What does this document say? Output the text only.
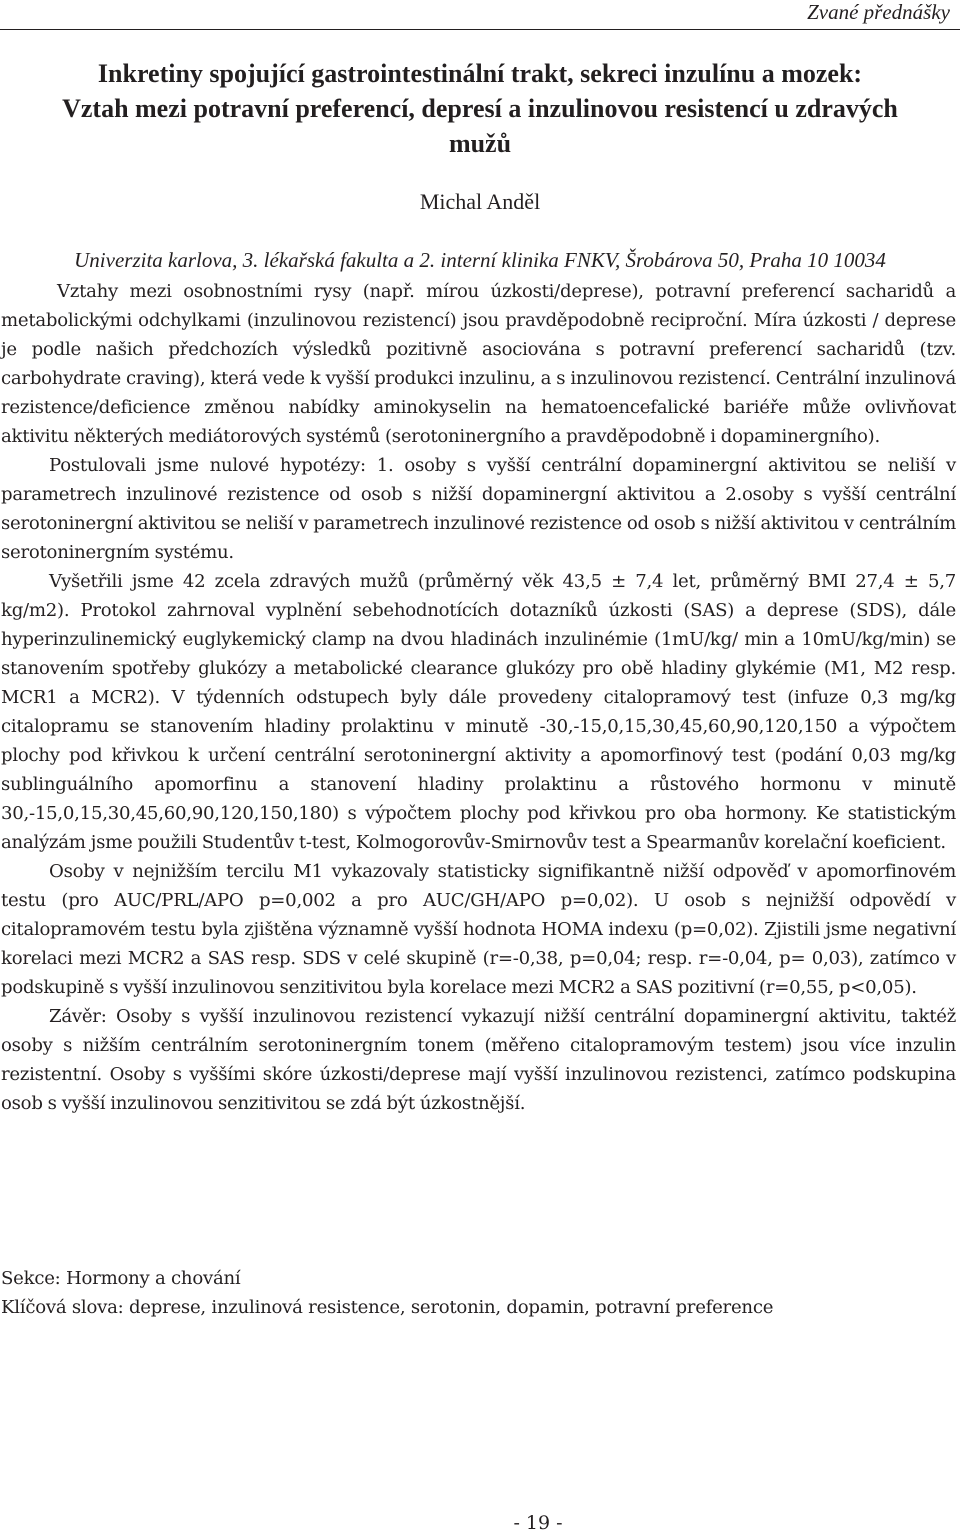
Zvané přednášky
Inkretiny spojující gastrointestinální trakt, sekreci inzulínu a mozek:
Vztah mezi potravní preferencí, depresí a inzulinovou resistencí u zdravých
mužů
Michal Anděl
Univerzita karlova, 3. lékařská fakulta a 2. interní klinika FNKV, Šrobárova 50, Praha 10 10034

Vztahy mezi osobnostními rysy (např. mírou úzkosti/deprese), potravní preferencí sacharidů a metabolickými odchylkami (inzulinovou rezistencí) jsou pravděpodobně reciproční. Míra úzkosti / deprese je podle našich předchozích výsledků pozitivně asociována s potravní preferencí sacharidů (tzv. carbohydrate craving), která vede k vyšší produkci inzulinu, a s inzulinovou rezistencí. Centrální inzulinová rezistence/deficience změnou nabídky aminokyselin na hematoencefalické bariéře může ovlivňovat aktivitu některých mediátorových systémů (serotoninergního a pravděpodobně i dopaminergního).

Postulovali jsme nulové hypotézy: 1. osoby s vyšší centrální dopaminergní aktivitou se neliší v parametrech inzulinové rezistence od osob s nižší dopaminergní aktivitou a 2.osoby s vyšší centrální serotoninergní aktivitou se neliší v parametrech inzulinové rezistence od osob s nižší aktivitou v centrálním serotoninergním systému.

Vyšetřili jsme 42 zcela zdravých mužů (průměrný věk 43,5 ± 7,4 let, průměrný BMI 27,4 ± 5,7 kg/m2). Protokol zahrnoval vyplnění sebehodnotících dotazníků úzkosti (SAS) a deprese (SDS), dále hyperinzulinemický euglykemický clamp na dvou hladinách inzulinémie (1mU/kg/ min a 10mU/kg/min) se stanovením spotřeby glukózy a metabolické clearance glukózy pro obě hladiny glykémie (M1, M2 resp. MCR1 a MCR2). V týdenních odstupech byly dále provedeny citalopramový test (infuze 0,3 mg/kg citalopramu se stanovením hladiny prolaktinu v minutě -30,-15,0,15,30,45,60,90,120,150 a výpočtem plochy pod křivkou k určení centrální serotoninergní aktivity a apomorfinový test (podání 0,03 mg/kg sublinguálního apomorfinu a stanovení hladiny prolaktinu a růstového hormonu v minutě 30,-15,0,15,30,45,60,90,120,150,180) s výpočtem plochy pod křivkou pro oba hormony. Ke statistickým analýzám jsme použili Studentův t-test, Kolmogorovův-Smirnovův test a Spearmanův korelační koeficient.

Osoby v nejnižším tercilu M1 vykazovaly statisticky signifikantně nižší odpověď v apomorfinovém testu (pro AUC/PRL/APO p=0,002 a pro AUC/GH/APO p=0,02). U osob s nejnižší odpovědí v citalopramovém testu byla zjištěna významně vyšší hodnota HOMA indexu (p=0,02). Zjistili jsme negativní korelaci mezi MCR2 a SAS resp. SDS v celé skupině (r=-0,38, p=0,04; resp. r=-0,04, p= 0,03), zatímco v podskupině s vyšší inzulinovou senzitivitou byla korelace mezi MCR2 a SAS pozitivní (r=0,55, p<0,05).

Závěr: Osoby s vyšší inzulinovou rezistencí vykazují nižší centrální dopaminergní aktivitu, taktéž osoby s nižším centrálním serotoninergním tonem (měřeno citalopramovým testem) jsou více inzulin rezistentní. Osoby s vyššími skóre úzkosti/deprese mají vyšší inzulinovou rezistenci, zatímco podskupina osob s vyšší inzulinovou senzitivitou se zdá být úzkostnější.

Sekce: Hormony a chování
Klíčová slova: deprese, inzulinová resistence, serotonin, dopamin, potravní preference
- 19 -
